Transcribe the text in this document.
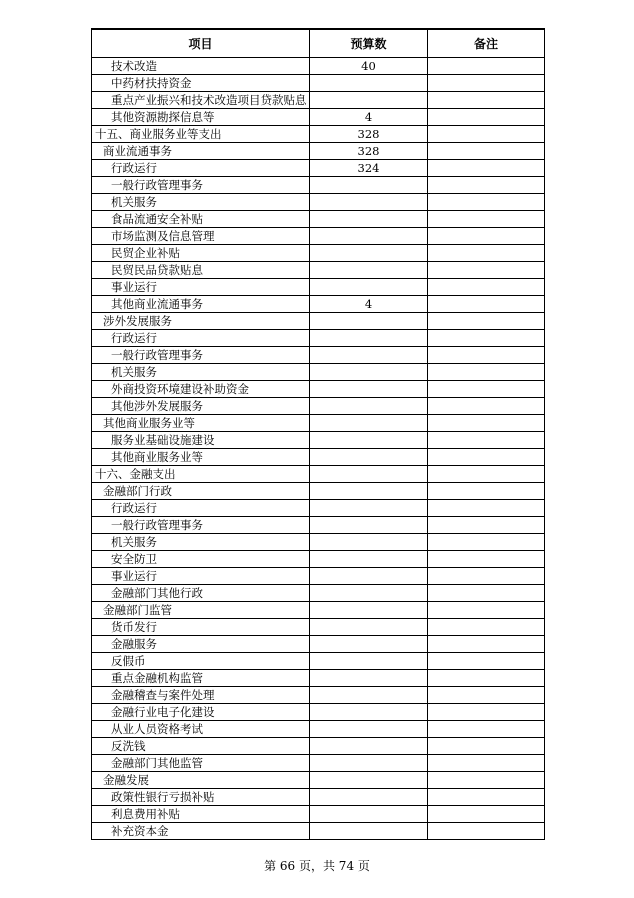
项目	预算数	备注
技术改造	40	
中药材扶持资金		
重点产业振兴和技术改造项目贷款贴息		
其他资源勘探信息等	4	
十五、商业服务业等支出	328	
商业流通事务	328	
行政运行	324	
一般行政管理事务		
机关服务		
食品流通安全补贴		
市场监测及信息管理		
民贸企业补贴		
民贸民品贷款贴息		
事业运行		
其他商业流通事务	4	
涉外发展服务		
行政运行		
一般行政管理事务		
机关服务		
外商投资环境建设补助资金		
其他涉外发展服务		
其他商业服务业等		
服务业基础设施建设		
其他商业服务业等		
十六、金融支出		
金融部门行政		
行政运行		
一般行政管理事务		
机关服务		
安全防卫		
事业运行		
金融部门其他行政		
金融部门监管		
货币发行		
金融服务		
反假币		
重点金融机构监管		
金融稽查与案件处理		
金融行业电子化建设		
从业人员资格考试		
反洗钱		
金融部门其他监管		
金融发展		
政策性银行亏损补贴		
利息费用补贴		
补充资本金		
第 66 页，共 74 页
